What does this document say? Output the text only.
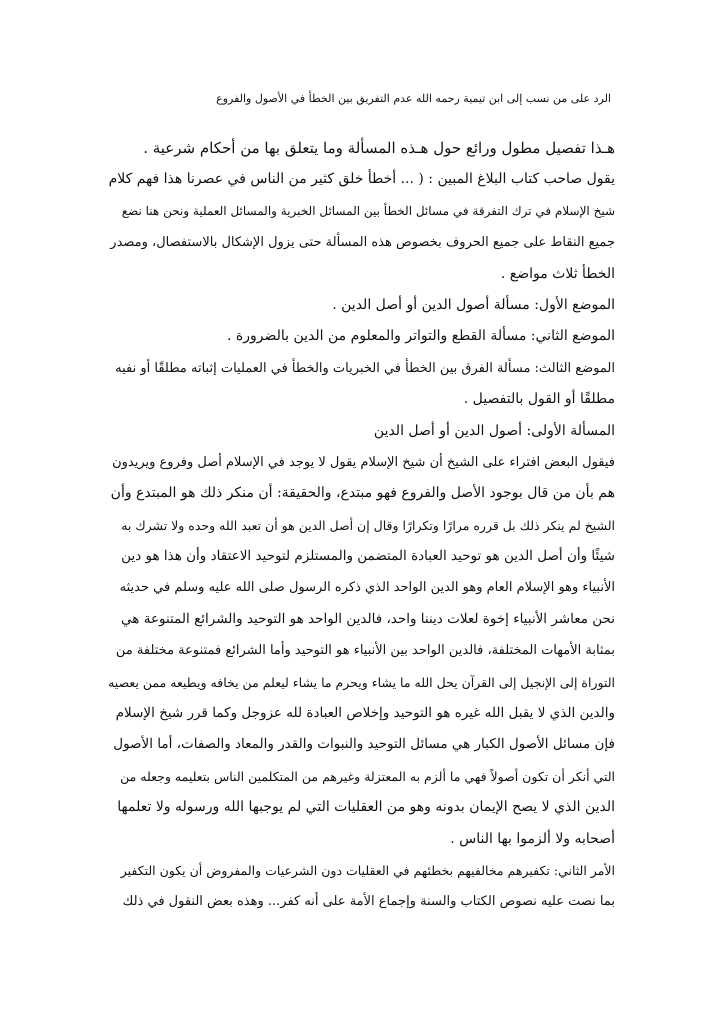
الرد على من نسب إلى ابن تيمية رحمه الله عدم التفريق بين الخطأ في الأصول والفروع
هـذا تفصيل مطول ورائع حول هـذه المسألة وما يتعلق بها من أحكام شرعية .
يقول صاحب كتاب البلاغ المبين : ( ... أخطأ خلق كثير من الناس في عصرنا هذا فهم كلام
شيخ الإسلام في ترك التفرقة في مسائل الخطأ بين المسائل الخبرية والمسائل العملية ونحن هنا نضع
جميع النقاط على جميع الحروف بخصوص هذه المسألة حتى يزول الإشكال بالاستفصال، ومصدر
الخطأ ثلاث مواضع .
الموضع الأول: مسألة أصول الدين أو أصل الدين .
الموضع الثاني: مسألة القطع والتواتر والمعلوم من الدين بالضرورة .
الموضع الثالث: مسألة الفرق بين الخطأ في الخبريات والخطأ في العمليات إثباته مطلقًا أو نفيه
مطلقًا أو القول بالتفصيل .
المسألة الأولى: أصول الدين أو أصل الدين
فيقول البعض افتراء على الشيخ أن شيخ الإسلام يقول لا يوجد في الإسلام أصل وفروع ويريدون
هم بأن من قال بوجود الأصل والفروع فهو مبتدع، والحقيقة: أن منكر ذلك هو المبتدع وأن
الشيخ لم ينكر ذلك بل قرره مرارًا وتكرارًا وقال إن أصل الدين هو أن تعبد الله وحده ولا تشرك به
شيئًا وأن أصل الدين هو توحيد العبادة المتضمن والمستلزم لتوحيد الاعتقاد وأن هذا هو دين
الأنبياء وهو الإسلام العام وهو الدين الواحد الذي ذكره الرسول صلى الله عليه وسلم في حديثه
نحن معاشر الأنبياء إخوة لعلات ديننا واحد، فالدين الواحد هو التوحيد والشرائع المتنوعة هي
بمثابة الأمهات المختلفة، فالدين الواحد بين الأنبياء هو التوحيد وأما الشرائع فمتنوعة مختلفة من
التوراة إلى الإنجيل إلى القرآن يحل الله ما يشاء ويحرم ما يشاء ليعلم من يخافه ويطيعه ممن يعصيه
والدين الذي لا يقبل الله غيره هو التوحيد وإخلاص العبادة لله عزوجل وكما قرر شيخ الإسلام
فإن مسائل الأصول الكبار هي مسائل التوحيد والنبوات والقدر والمعاد والصفات، أما الأصول
التي أنكر أن تكون أصولاً فهي ما ألزم به المعتزلة وغيرهم من المتكلمين الناس بتعليمه وجعله من
الدين الذي لا يصح الإيمان بدونه وهو من العقليات التي لم يوجبها الله ورسوله ولا تعلمها
أصحابه ولا ألزموا بها الناس .
الأمر الثاني: تكفيرهم مخالفيهم بخطئهم في العقليات دون الشرعيات والمفروض أن يكون التكفير
بما نصت عليه نصوص الكتاب والسنة وإجماع الأمة على أنه كفر... وهذه بعض النقول في ذلك
